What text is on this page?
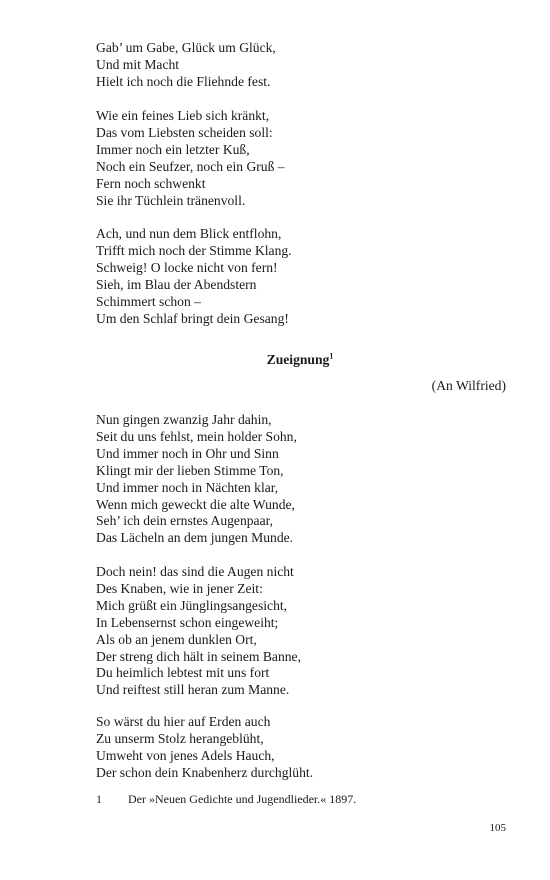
Gab’ um Gabe, Glück um Glück,
Und mit Macht
Hielt ich noch die Fliehnde fest.
Wie ein feines Lieb sich kränkt,
Das vom Liebsten scheiden soll:
Immer noch ein letzter Kuß,
Noch ein Seufzer, noch ein Gruß –
Fern noch schwenkt
Sie ihr Tüchlein tränenvoll.
Ach, und nun dem Blick entflohn,
Trifft mich noch der Stimme Klang.
Schweig! O locke nicht von fern!
Sieh, im Blau der Abendstern
Schimmert schon –
Um den Schlaf bringt dein Gesang!
Zueignung$^1$
(An Wilfried)
Nun gingen zwanzig Jahr dahin,
Seit du uns fehlst, mein holder Sohn,
Und immer noch in Ohr und Sinn
Klingt mir der lieben Stimme Ton,
Und immer noch in Nächten klar,
Wenn mich geweckt die alte Wunde,
Seh’ ich dein ernstes Augenpaar,
Das Lächeln an dem jungen Munde.
Doch nein! das sind die Augen nicht
Des Knaben, wie in jener Zeit:
Mich grüßt ein Jünglingsangesicht,
In Lebensernst schon eingeweiht;
Als ob an jenem dunklen Ort,
Der streng dich hält in seinem Banne,
Du heimlich lebtest mit uns fort
Und reiftest still heran zum Manne.
So wärst du hier auf Erden auch
Zu unserm Stolz herangeblüht,
Umweht von jenes Adels Hauch,
Der schon dein Knabenherz durchglüht.
1 Der »Neuen Gedichte und Jugendlieder.« 1897.
105
